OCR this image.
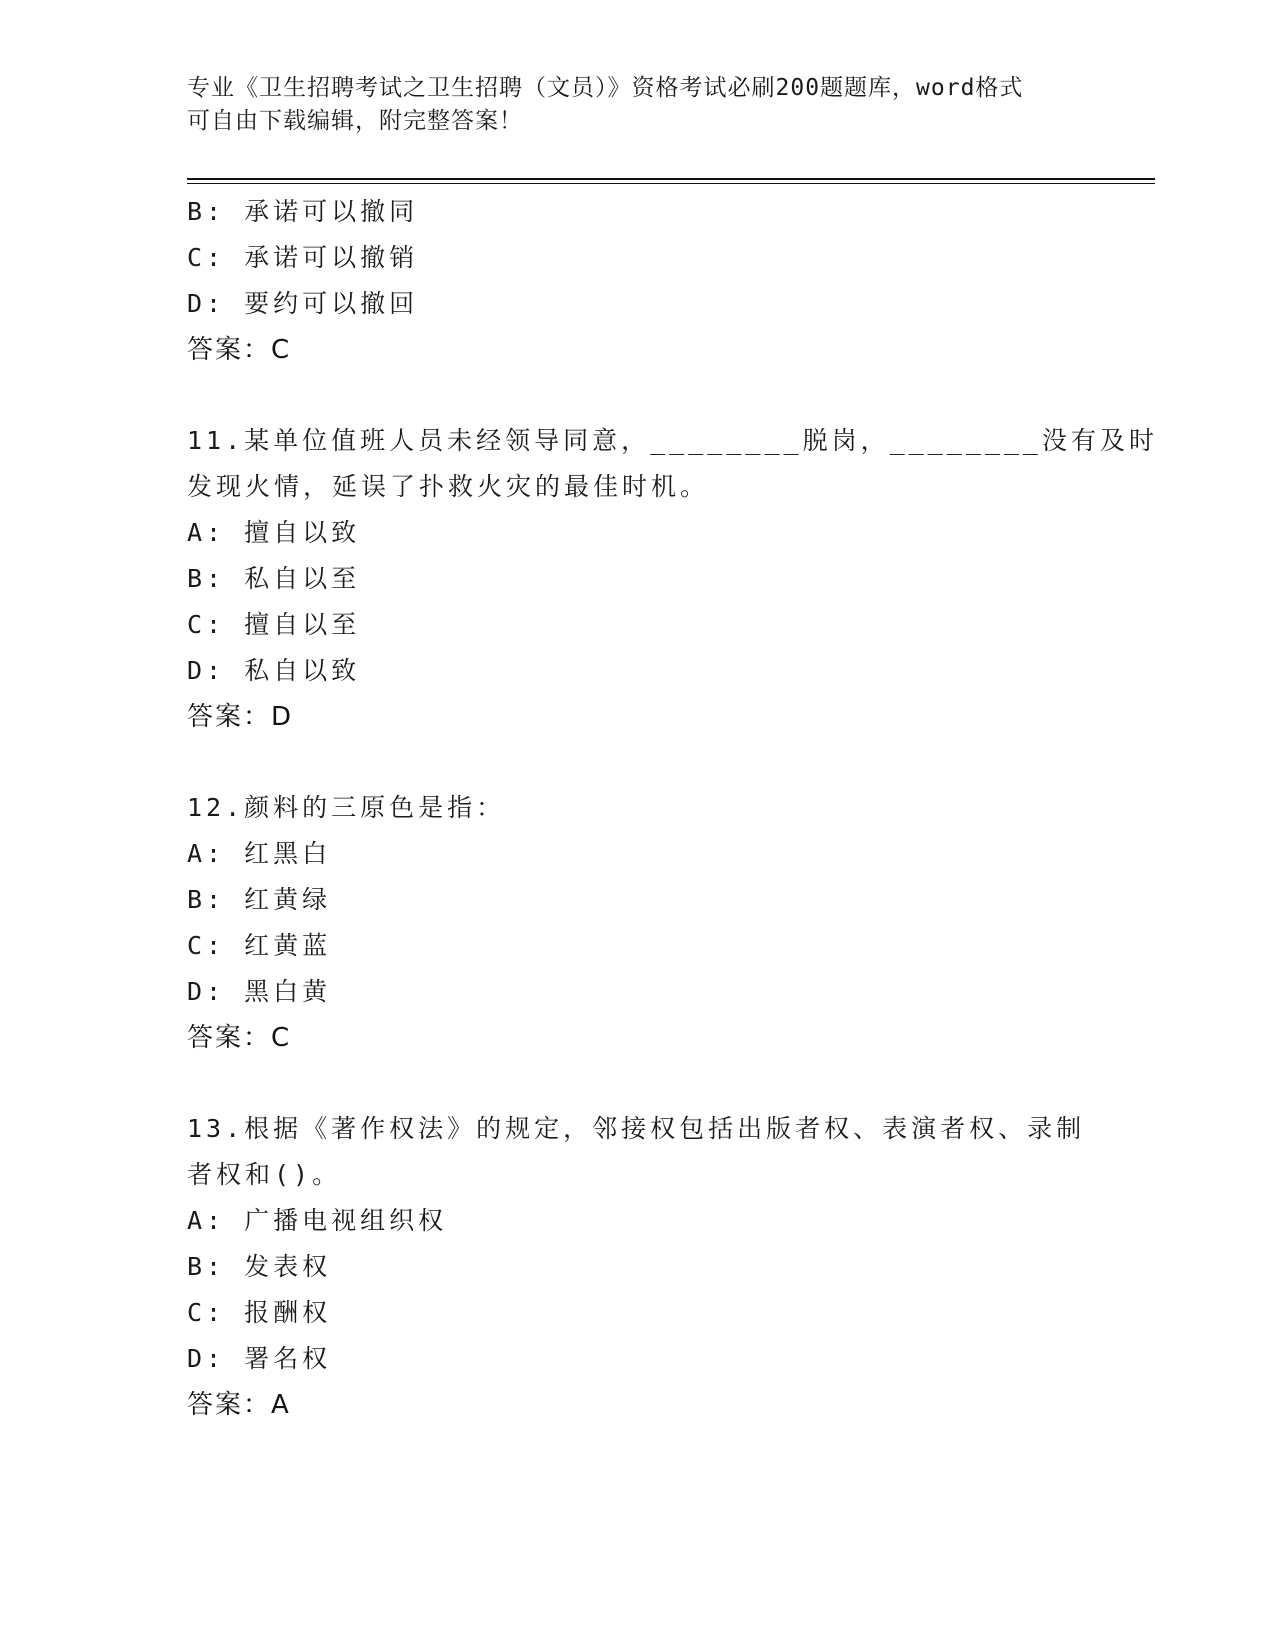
专业《卫生招聘考试之卫生招聘（文员）》资格考试必刷200题题库，word格式
可自由下载编辑，附完整答案！
B: 承诺可以撤同
C: 承诺可以撤销
D: 要约可以撤回
答案：C
11.某单位值班人员未经领导同意，________脱岗，________没有及时
发现火情，延误了扑救火灾的最佳时机。
A: 擅自以致
B: 私自以至
C: 擅自以至
D: 私自以致
答案：D
12.颜料的三原色是指：
A: 红黑白
B: 红黄绿
C: 红黄蓝
D: 黑白黄
答案：C
13.根据《著作权法》的规定，邻接权包括出版者权、表演者权、录制
者权和()。
A: 广播电视组织权
B: 发表权
C: 报酬权
D: 署名权
答案：A
